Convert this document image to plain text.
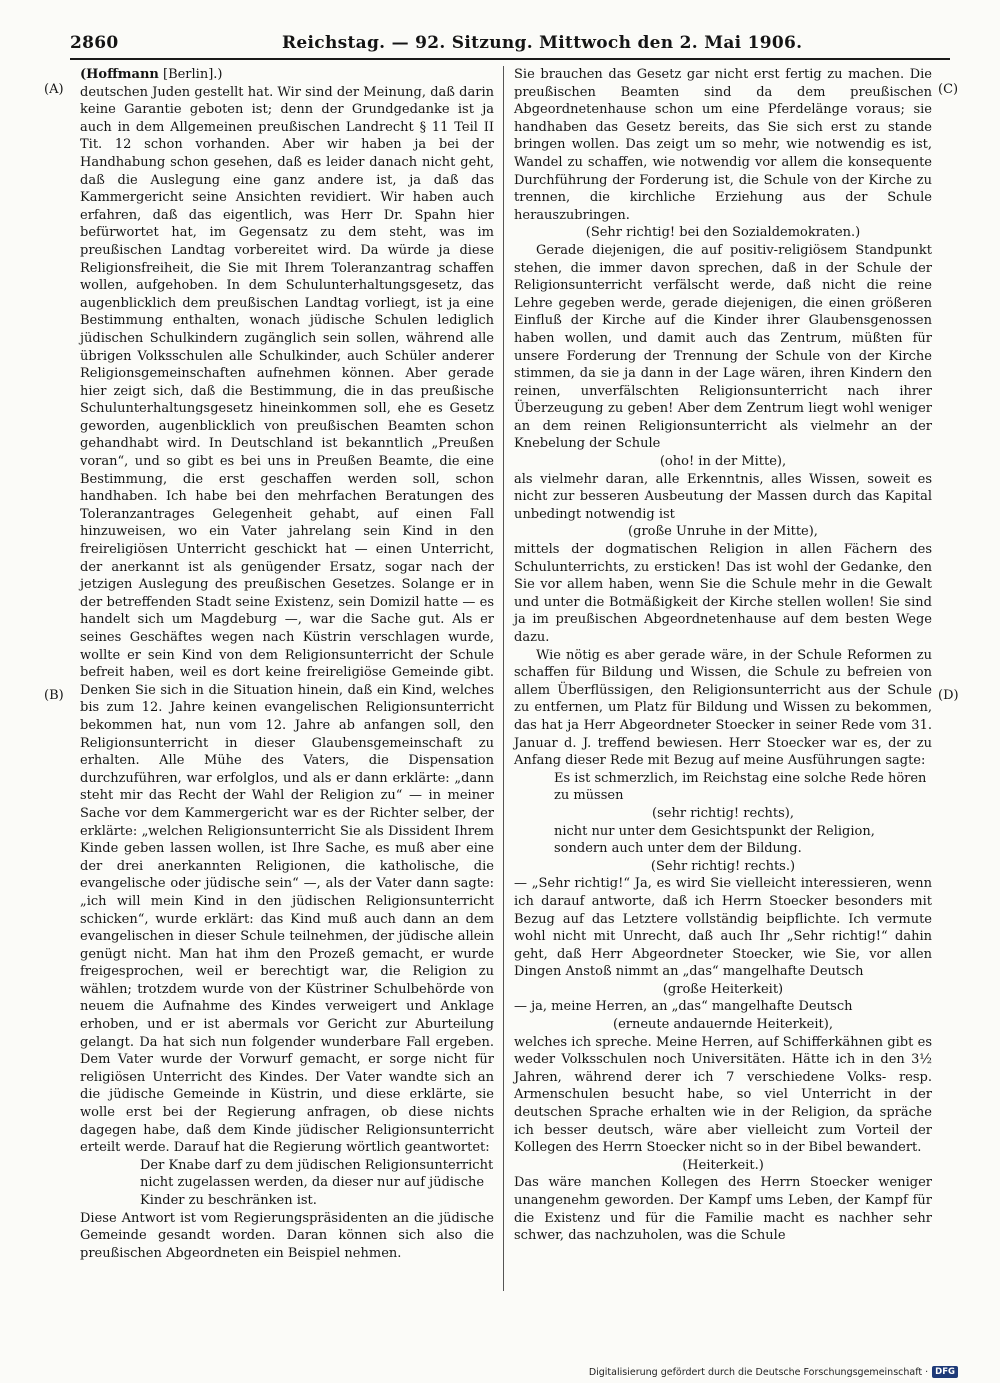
2860	Reichstag. — 92. Sitzung. Mittwoch den 2. Mai 1906.
(A)
(B)
(C)
(D)

(Hoffmann [Berlin].)

deutschen Juden gestellt hat. Wir sind der Meinung, daß darin keine Garantie geboten ist; denn der Grundgedanke ist ja auch in dem Allgemeinen preußischen Landrecht § 11 Teil II Tit. 12 schon vorhanden. Aber wir haben ja bei der Handhabung schon gesehen, daß es leider danach nicht geht, daß die Auslegung eine ganz andere ist, ja daß das Kammergericht seine Ansichten revidiert. Wir haben auch erfahren, daß das eigentlich, was Herr Dr. Spahn hier befürwortet hat, im Gegensatz zu dem steht, was im preußischen Landtag vorbereitet wird. Da würde ja diese Religionsfreiheit, die Sie mit Ihrem Toleranzantrag schaffen wollen, aufgehoben. In dem Schulunterhaltungsgesetz, das augenblicklich dem preußischen Landtag vorliegt, ist ja eine Bestimmung enthalten, wonach jüdische Schulen lediglich jüdischen Schulkindern zugänglich sein sollen, während alle übrigen Volksschulen alle Schulkinder, auch Schüler anderer Religionsgemeinschaften aufnehmen können. Aber gerade hier zeigt sich, daß die Bestimmung, die in das preußische Schulunterhaltungsgesetz hineinkommen soll, ehe es Gesetz geworden, augenblicklich von preußischen Beamten schon gehandhabt wird. In Deutschland ist bekanntlich „Preußen voran“, und so gibt es bei uns in Preußen Beamte, die eine Bestimmung, die erst geschaffen werden soll, schon handhaben. Ich habe bei den mehrfachen Beratungen des Toleranzantrages Gelegenheit gehabt, auf einen Fall hinzuweisen, wo ein Vater jahrelang sein Kind in den freireligiösen Unterricht geschickt hat — einen Unterricht, der anerkannt ist als genügender Ersatz, sogar nach der jetzigen Auslegung des preußischen Gesetzes. Solange er in der betreffenden Stadt seine Existenz, sein Domizil hatte — es handelt sich um Magdeburg —, war die Sache gut. Als er seines Geschäftes wegen nach Küstrin verschlagen wurde, wollte er sein Kind von dem Religionsunterricht der Schule befreit haben, weil es dort keine freireligiöse Gemeinde gibt. Denken Sie sich in die Situation hinein, daß ein Kind, welches bis zum 12. Jahre keinen evangelischen Religionsunterricht bekommen hat, nun vom 12. Jahre ab anfangen soll, den Religionsunterricht in dieser Glaubensgemeinschaft zu erhalten. Alle Mühe des Vaters, die Dispensation durchzuführen, war erfolglos, und als er dann erklärte: „dann steht mir das Recht der Wahl der Religion zu“ — in meiner Sache vor dem Kammergericht war es der Richter selber, der erklärte: „welchen Religionsunterricht Sie als Dissident Ihrem Kinde geben lassen wollen, ist Ihre Sache, es muß aber eine der drei anerkannten Religionen, die katholische, die evangelische oder jüdische sein“ —, als der Vater dann sagte: „ich will mein Kind in den jüdischen Religionsunterricht schicken“, wurde erklärt: das Kind muß auch dann an dem evangelischen in dieser Schule teilnehmen, der jüdische allein genügt nicht. Man hat ihm den Prozeß gemacht, er wurde freigesprochen, weil er berechtigt war, die Religion zu wählen; trotzdem wurde von der Küstriner Schulbehörde von neuem die Aufnahme des Kindes verweigert und Anklage erhoben, und er ist abermals vor Gericht zur Aburteilung gelangt. Da hat sich nun folgender wunderbare Fall ergeben. Dem Vater wurde der Vorwurf gemacht, er sorge nicht für religiösen Unterricht des Kindes. Der Vater wandte sich an die jüdische Gemeinde in Küstrin, und diese erklärte, sie wolle erst bei der Regierung anfragen, ob diese nichts dagegen habe, daß dem Kinde jüdischer Religionsunterricht erteilt werde. Darauf hat die Regierung wörtlich geantwortet:

Der Knabe darf zu dem jüdischen Religionsunterricht nicht zugelassen werden, da dieser nur auf jüdische Kinder zu beschränken ist.

Diese Antwort ist vom Regierungspräsidenten an die jüdische Gemeinde gesandt worden. Daran können sich also die preußischen Abgeordneten ein Beispiel nehmen.

Sie brauchen das Gesetz gar nicht erst fertig zu machen. Die preußischen Beamten sind da dem preußischen Abgeordnetenhause schon um eine Pferdelänge voraus; sie handhaben das Gesetz bereits, das Sie sich erst zu stande bringen wollen. Das zeigt um so mehr, wie notwendig es ist, Wandel zu schaffen, wie notwendig vor allem die konsequente Durchführung der Forderung ist, die Schule von der Kirche zu trennen, die kirchliche Erziehung aus der Schule herauszubringen.

(Sehr richtig! bei den Sozialdemokraten.)

Gerade diejenigen, die auf positiv-religiösem Standpunkt stehen, die immer davon sprechen, daß in der Schule der Religionsunterricht verfälscht werde, daß nicht die reine Lehre gegeben werde, gerade diejenigen, die einen größeren Einfluß der Kirche auf die Kinder ihrer Glaubensgenossen haben wollen, und damit auch das Zentrum, müßten für unsere Forderung der Trennung der Schule von der Kirche stimmen, da sie ja dann in der Lage wären, ihren Kindern den reinen, unverfälschten Religionsunterricht nach ihrer Überzeugung zu geben! Aber dem Zentrum liegt wohl weniger an dem reinen Religionsunterricht als vielmehr an der Knebelung der Schule

(oho! in der Mitte),

als vielmehr daran, alle Erkenntnis, alles Wissen, soweit es nicht zur besseren Ausbeutung der Massen durch das Kapital unbedingt notwendig ist

(große Unruhe in der Mitte),

mittels der dogmatischen Religion in allen Fächern des Schulunterrichts, zu ersticken! Das ist wohl der Gedanke, den Sie vor allem haben, wenn Sie die Schule mehr in die Gewalt und unter die Botmäßigkeit der Kirche stellen wollen! Sie sind ja im preußischen Abgeordnetenhause auf dem besten Wege dazu.

Wie nötig es aber gerade wäre, in der Schule Reformen zu schaffen für Bildung und Wissen, die Schule zu befreien von allem Überflüssigen, den Religionsunterricht aus der Schule zu entfernen, um Platz für Bildung und Wissen zu bekommen, das hat ja Herr Abgeordneter Stoecker in seiner Rede vom 31. Januar d. J. treffend bewiesen. Herr Stoecker war es, der zu Anfang dieser Rede mit Bezug auf meine Ausführungen sagte:

Es ist schmerzlich, im Reichstag eine solche Rede hören zu müssen

(sehr richtig! rechts),

nicht nur unter dem Gesichtspunkt der Religion, sondern auch unter dem der Bildung.

(Sehr richtig! rechts.)

— „Sehr richtig!“ Ja, es wird Sie vielleicht interessieren, wenn ich darauf antworte, daß ich Herrn Stoecker besonders mit Bezug auf das Letztere vollständig beipflichte. Ich vermute wohl nicht mit Unrecht, daß auch Ihr „Sehr richtig!“ dahin geht, daß Herr Abgeordneter Stoecker, wie Sie, vor allen Dingen Anstoß nimmt an „das“ mangelhafte Deutsch

(große Heiterkeit)

— ja, meine Herren, an „das“ mangelhafte Deutsch

(erneute andauernde Heiterkeit),

welches ich spreche. Meine Herren, auf Schifferkähnen gibt es weder Volksschulen noch Universitäten. Hätte ich in den 3½ Jahren, während derer ich 7 verschiedene Volks- resp. Armenschulen besucht habe, so viel Unterricht in der deutschen Sprache erhalten wie in der Religion, da spräche ich besser deutsch, wäre aber vielleicht zum Vorteil der Kollegen des Herrn Stoecker nicht so in der Bibel bewandert.

(Heiterkeit.)

Das wäre manchen Kollegen des Herrn Stoecker weniger unangenehm geworden. Der Kampf ums Leben, der Kampf für die Existenz und für die Familie macht es nachher sehr schwer, das nachzuholen, was die Schule

Digitalisierung gefördert durch die Deutsche Forschungsgemeinschaft · DFG
